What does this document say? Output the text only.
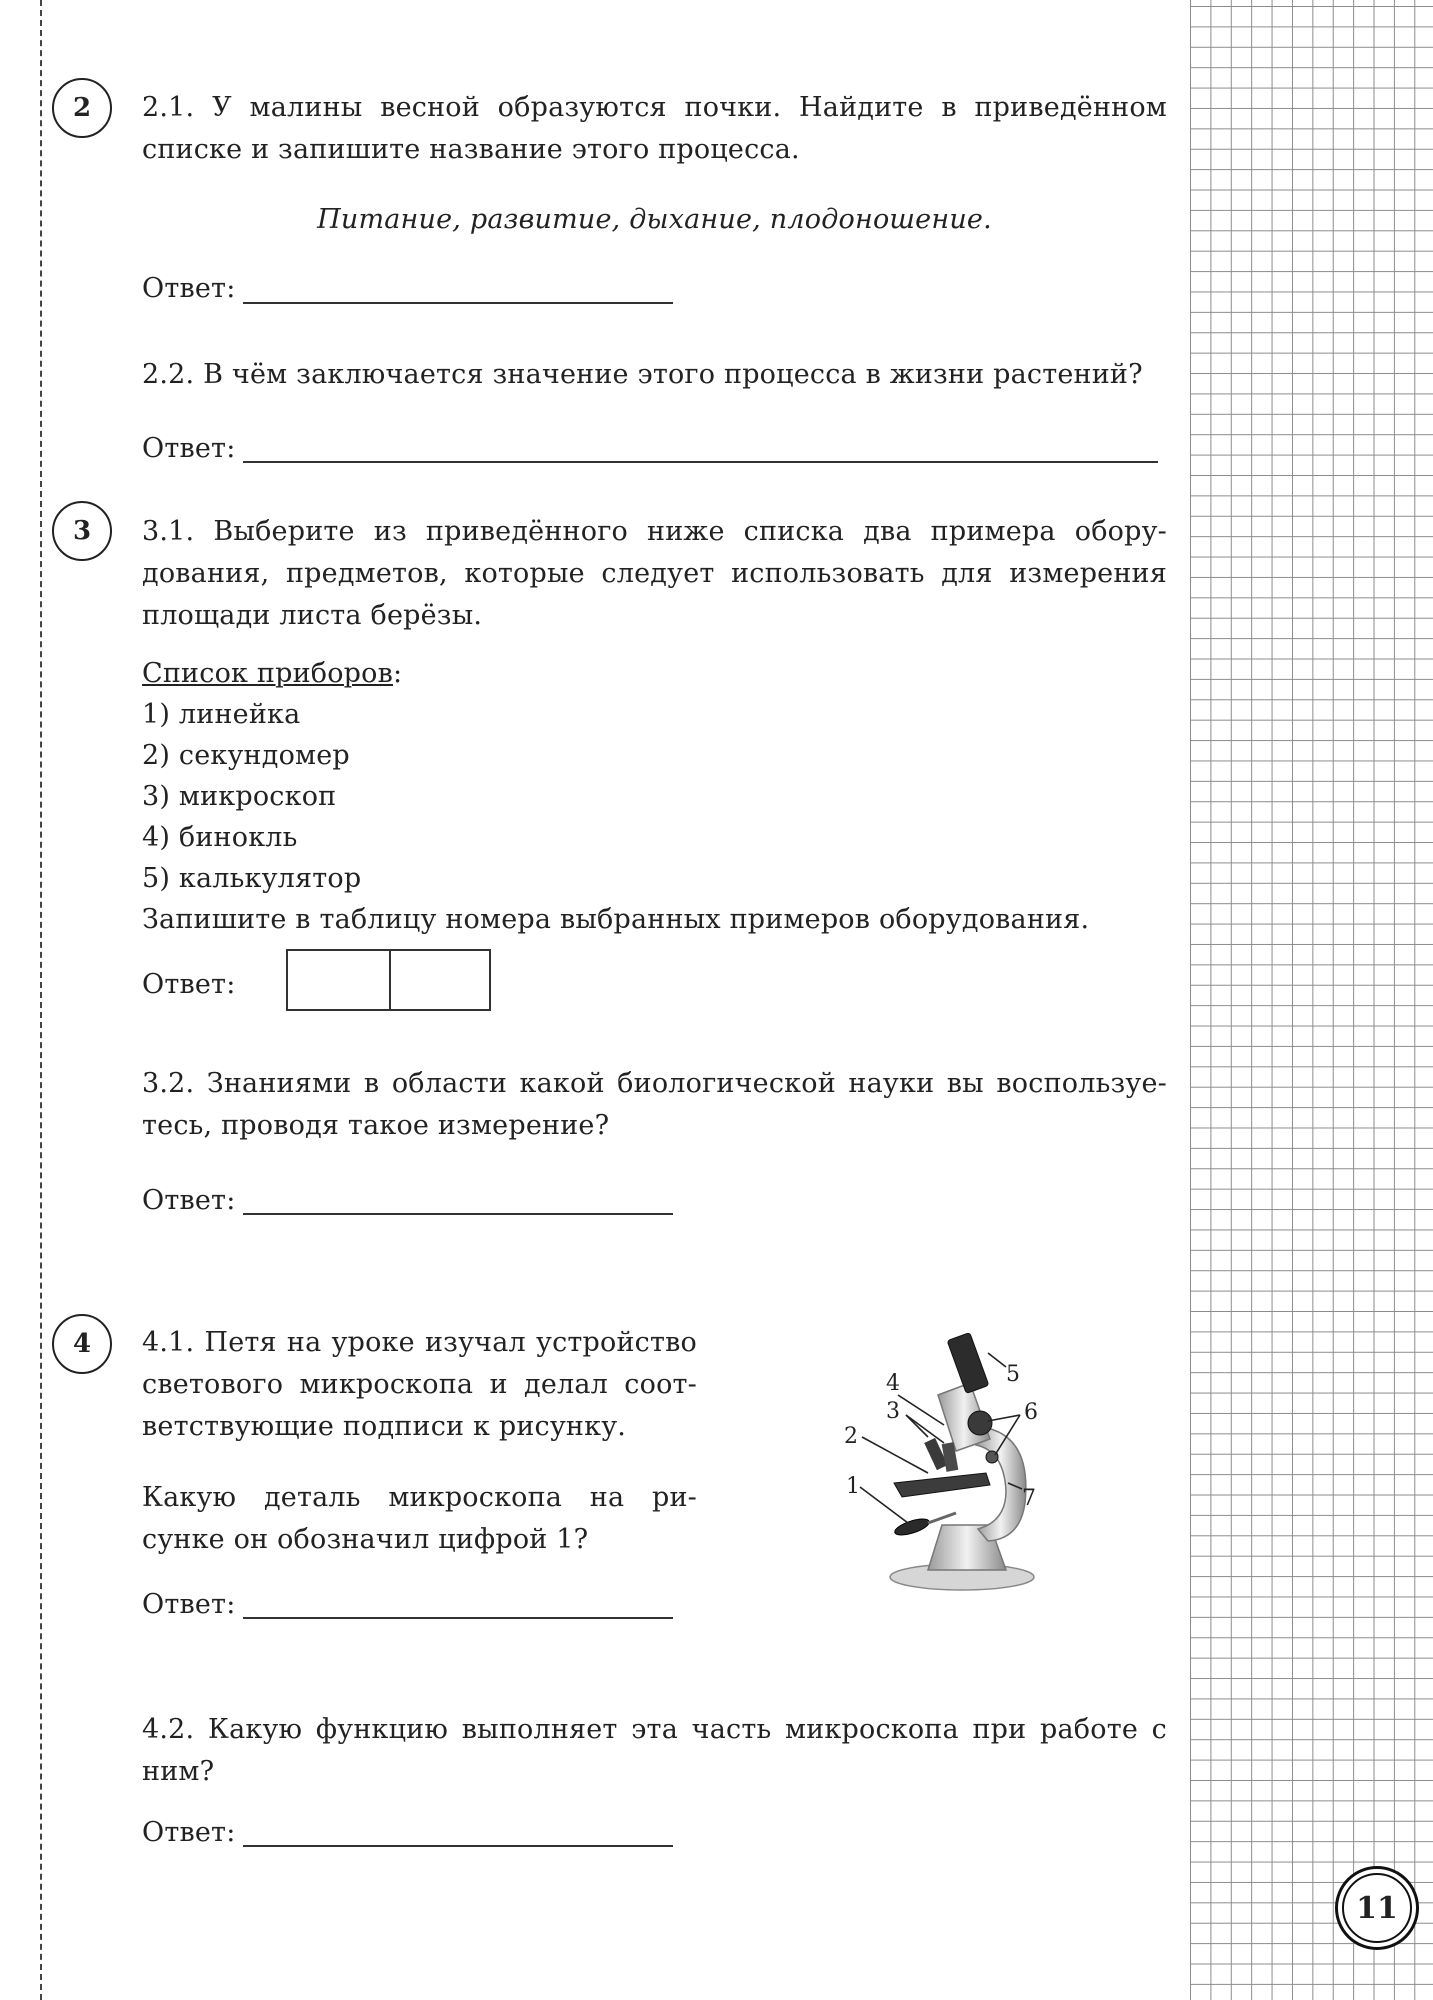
2	2.1. У малины весной образуются почки. Найдите в приведённом

списке и запишите название этого процесса.

Питание, развитие, дыхание, плодоношение.

Ответ:

2.2. В чём заключается значение этого процесса в жизни растений?

Ответ:

3	3.1. Выберите из приведённого ниже списка два примера обору-

дования, предметов, которые следует использовать для измерения

площади листа берёзы.

Список приборов:

1) линейка

2) секундомер

3) микроскоп

4) бинокль

5) калькулятор

Запишите в таблицу номера выбранных примеров оборудования.

Ответ:

3.2. Знаниями в области какой биологической науки вы воспользуе-

тесь, проводя такое измерение?

Ответ:

4	4.1. Петя на уроке изучал устройство

светового микроскопа и делал соот-

ветствующие подписи к рисунку.

Какую деталь микроскопа на ри-

сунке он обозначил цифрой 1?

Ответ:

1
2
3
4	5
6
7

4.2. Какую функцию выполняет эта часть микроскопа при работе с

ним?

Ответ:

11
